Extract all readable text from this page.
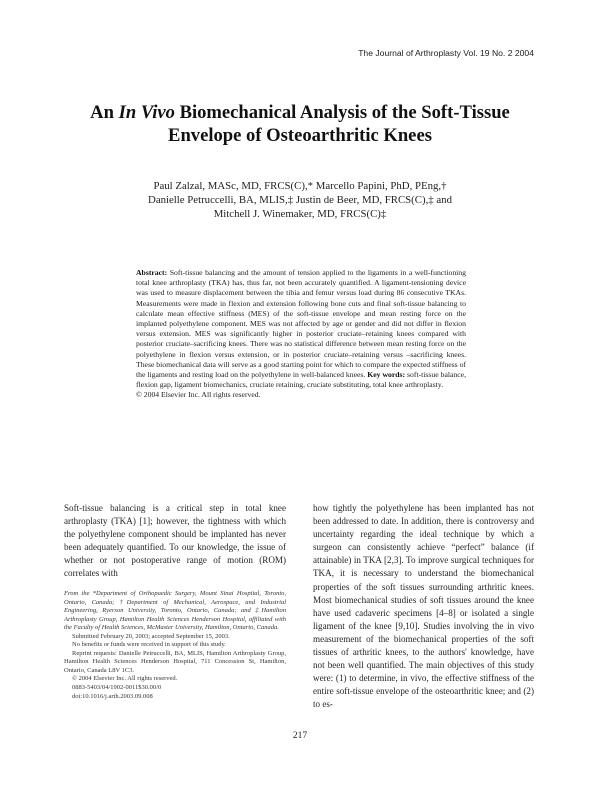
The Journal of Arthroplasty Vol. 19 No. 2 2004
An In Vivo Biomechanical Analysis of the Soft-Tissue
Envelope of Osteoarthritic Knees
Paul Zalzal, MASc, MD, FRCS(C),* Marcello Papini, PhD, PEng,†
Danielle Petruccelli, BA, MLIS,‡ Justin de Beer, MD, FRCS(C),‡ and
Mitchell J. Winemaker, MD, FRCS(C)‡
Abstract: Soft-tissue balancing and the amount of tension applied to the ligaments in a well-functioning total knee arthroplasty (TKA) has, thus far, not been accurately quantified. A ligament-tensioning device was used to measure displacement between the tibia and femur versus load during 86 consecutive TKAs. Measurements were made in flexion and extension following bone cuts and final soft-tissue balancing to calculate mean effective stiffness (MES) of the soft-tissue envelope and mean resting force on the implanted polyethylene component. MES was not affected by age or gender and did not differ in flexion versus extension. MES was significantly higher in posterior cruciate–retaining knees compared with posterior cruciate–sacrificing knees. There was no statistical difference between mean resting force on the polyethylene in flexion versus extension, or in posterior cruciate–retaining versus –sacrificing knees. These biomechanical data will serve as a good starting point for which to compare the expected stiffness of the ligaments and resting load on the polyethylene in well-balanced knees. Key words: soft-tissue balance, flexion gap, ligament biomechanics, cruciate retaining, cruciate substituting, total knee arthroplasty.
© 2004 Elsevier Inc. All rights reserved.
Soft-tissue balancing is a critical step in total knee arthroplasty (TKA) [1]; however, the tightness with which the polyethylene component should be implanted has never been adequately quantified. To our knowledge, the issue of whether or not postoperative range of motion (ROM) correlates with
how tightly the polyethylene has been implanted has not been addressed to date. In addition, there is controversy and uncertainty regarding the ideal technique by which a surgeon can consistently achieve “perfect” balance (if attainable) in TKA [2,3]. To improve surgical techniques for TKA, it is necessary to understand the biomechanical properties of the soft tissues surrounding arthritic knees. Most biomechanical studies of soft tissues around the knee have used cadaveric specimens [4–8] or isolated a single ligament of the knee [9,10]. Studies involving the in vivo measurement of the biomechanical properties of the soft tissues of arthritic knees, to the authors' knowledge, have not been well quantified. The main objectives of this study were: (1) to determine, in vivo, the effective stiffness of the entire soft-tissue envelope of the osteoarthritic knee; and (2) to es-
From the *Department of Orthopaedic Surgery, Mount Sinai Hospital, Toronto, Ontario, Canada; †Department of Mechanical, Aerospace, and Industrial Engineering, Ryerson University, Toronto, Ontario, Canada; and ‡Hamilton Arthroplasty Group, Hamilton Health Sciences Henderson Hospital, affiliated with the Faculty of Health Sciences, McMaster University, Hamilton, Ontario, Canada.
Submitted February 20, 2003; accepted September 15, 2003.
No benefits or funds were received in support of this study.
Reprint requests: Danielle Petruccelli, BA, MLIS, Hamilton Arthroplasty Group, Hamilton Health Sciences Henderson Hospital, 711 Concession St, Hamilton, Ontario, Canada L8V 1C3.
© 2004 Elsevier Inc. All rights reserved.
0883-5403/04/1902-0011$30.00/0
doi:10.1016/j.arth.2003.09.008
217
